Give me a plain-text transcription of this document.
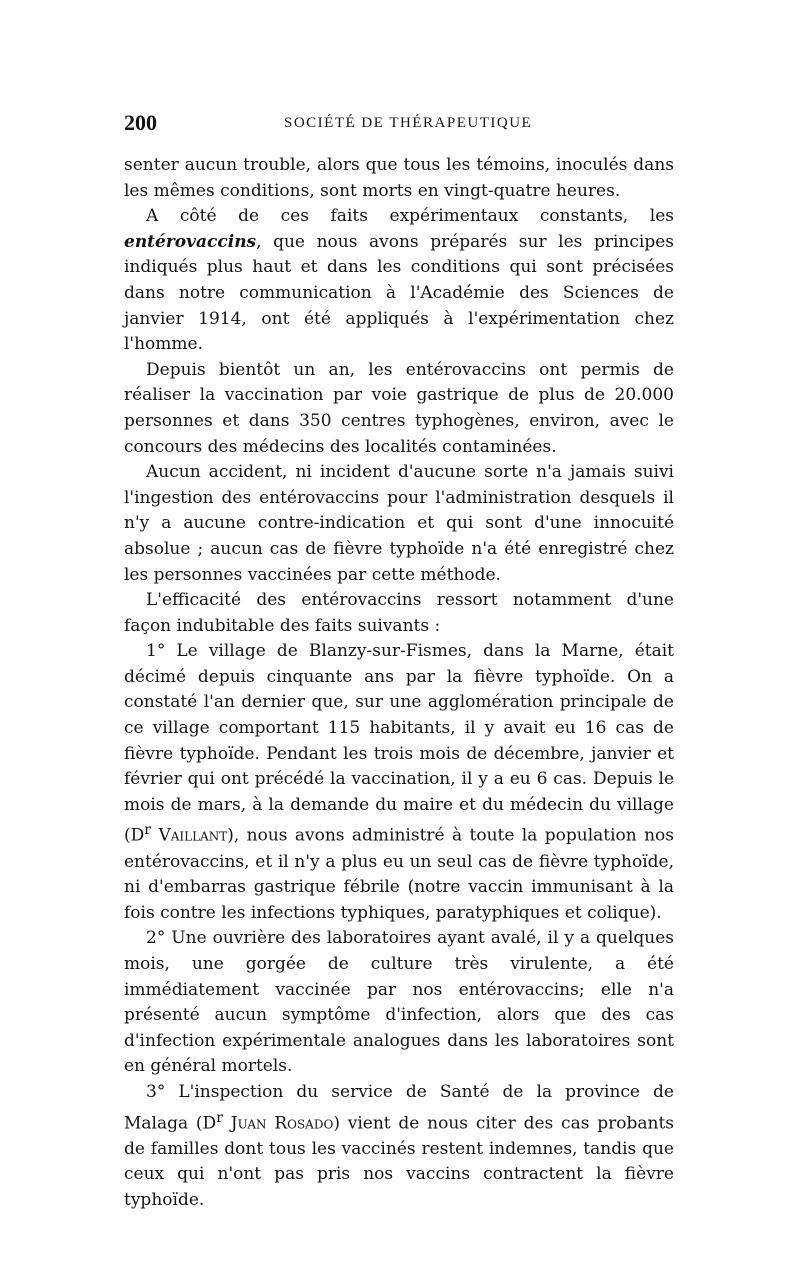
200	SOCIÉTÉ DE THÉRAPEUTIQUE

senter aucun trouble, alors que tous les témoins, inoculés dans les mêmes conditions, sont morts en vingt-quatre heures.

A côté de ces faits expérimentaux constants, les entérovaccins, que nous avons préparés sur les principes indiqués plus haut et dans les conditions qui sont précisées dans notre communication à l'Académie des Sciences de janvier 1914, ont été appliqués à l'expérimentation chez l'homme.

Depuis bientôt un an, les entérovaccins ont permis de réaliser la vaccination par voie gastrique de plus de 20.000 personnes et dans 350 centres typhogènes, environ, avec le concours des médecins des localités contaminées.

Aucun accident, ni incident d'aucune sorte n'a jamais suivi l'ingestion des entérovaccins pour l'administration desquels il n'y a aucune contre-indication et qui sont d'une innocuité absolue ; aucun cas de fièvre typhoïde n'a été enregistré chez les personnes vaccinées par cette méthode.

L'efficacité des entérovaccins ressort notamment d'une façon indubitable des faits suivants :

1° Le village de Blanzy-sur-Fismes, dans la Marne, était décimé depuis cinquante ans par la fièvre typhoïde. On a constaté l'an dernier que, sur une agglomération principale de ce village comportant 115 habitants, il y avait eu 16 cas de fièvre typhoïde. Pendant les trois mois de décembre, janvier et février qui ont précédé la vaccination, il y a eu 6 cas. Depuis le mois de mars, à la demande du maire et du médecin du village ($D^r$ Vaillant), nous avons administré à toute la population nos entérovaccins, et il n'y a plus eu un seul cas de fièvre typhoïde, ni d'embarras gastrique fébrile (notre vaccin immunisant à la fois contre les infections typhiques, paratyphiques et colique).

2° Une ouvrière des laboratoires ayant avalé, il y a quelques mois, une gorgée de culture très virulente, a été immédiatement vaccinée par nos entérovaccins; elle n'a présenté aucun symptôme d'infection, alors que des cas d'infection expérimentale analogues dans les laboratoires sont en général mortels.

3° L'inspection du service de Santé de la province de Malaga ($D^r$ Juan Rosado) vient de nous citer des cas probants de familles dont tous les vaccinés restent indemnes, tandis que ceux qui n'ont pas pris nos vaccins contractent la fièvre typhoïde.
